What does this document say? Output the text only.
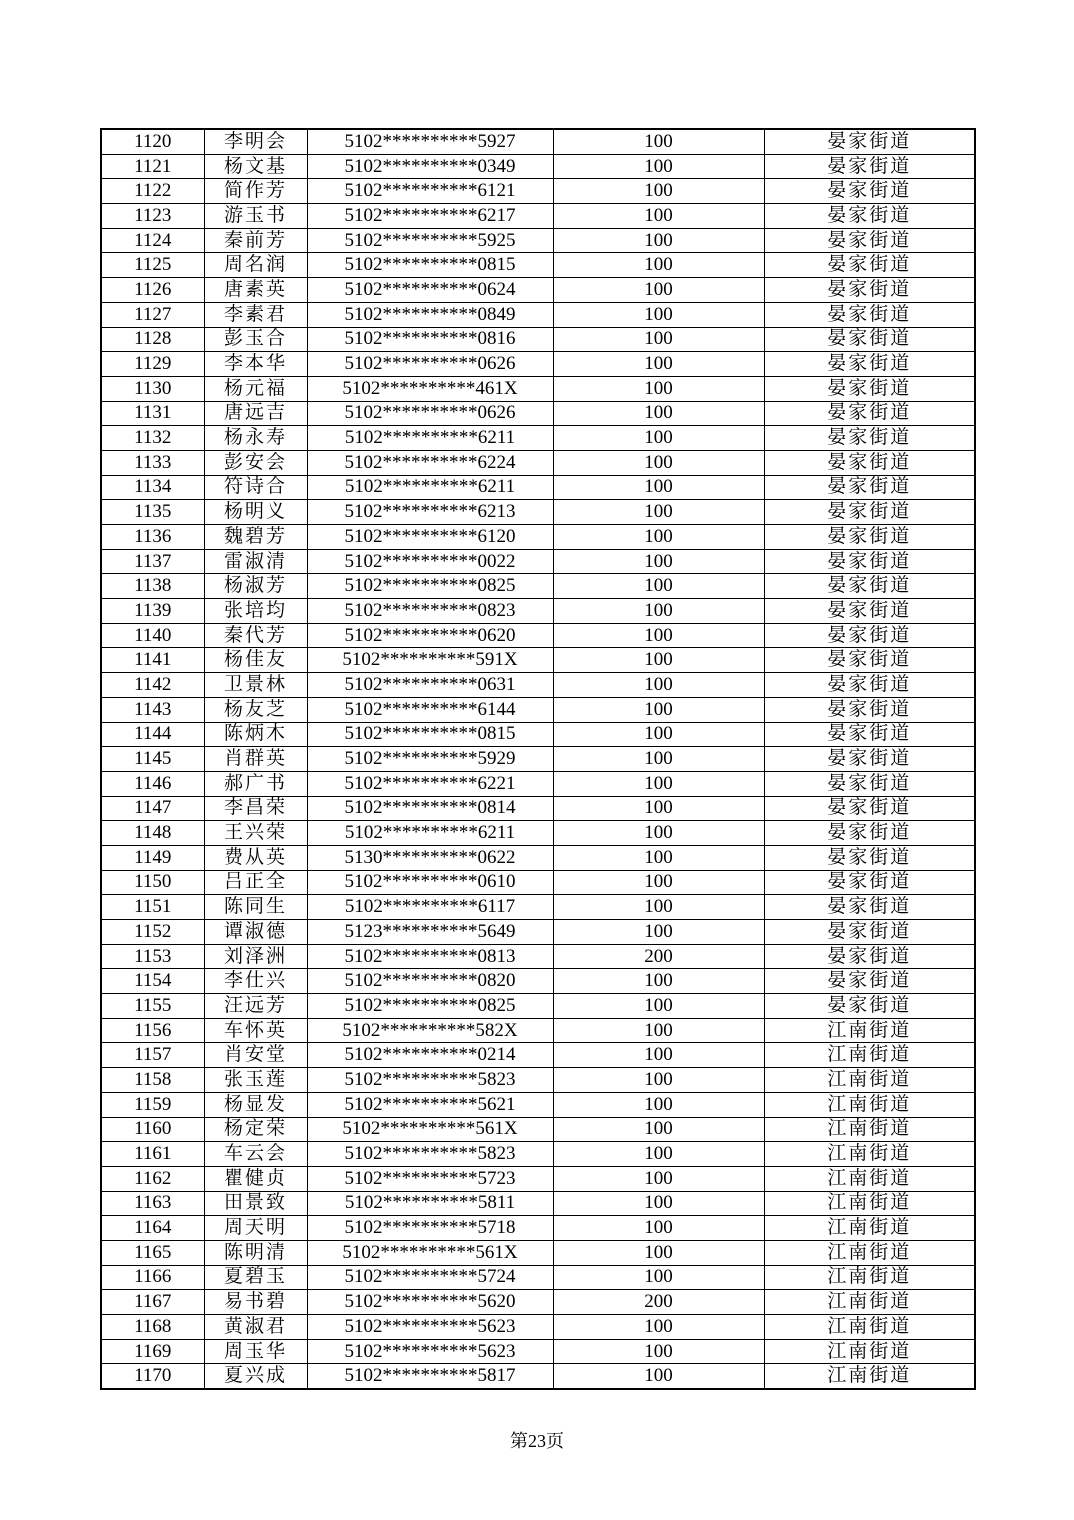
1120	李明会	5102**********5927	100	晏家街道
1121	杨文基	5102**********0349	100	晏家街道
1122	简作芳	5102**********6121	100	晏家街道
1123	游玉书	5102**********6217	100	晏家街道
1124	秦前芳	5102**********5925	100	晏家街道
1125	周名润	5102**********0815	100	晏家街道
1126	唐素英	5102**********0624	100	晏家街道
1127	李素君	5102**********0849	100	晏家街道
1128	彭玉合	5102**********0816	100	晏家街道
1129	李本华	5102**********0626	100	晏家街道
1130	杨元福	5102**********461X	100	晏家街道
1131	唐远吉	5102**********0626	100	晏家街道
1132	杨永寿	5102**********6211	100	晏家街道
1133	彭安会	5102**********6224	100	晏家街道
1134	符诗合	5102**********6211	100	晏家街道
1135	杨明义	5102**********6213	100	晏家街道
1136	魏碧芳	5102**********6120	100	晏家街道
1137	雷淑清	5102**********0022	100	晏家街道
1138	杨淑芳	5102**********0825	100	晏家街道
1139	张培均	5102**********0823	100	晏家街道
1140	秦代芳	5102**********0620	100	晏家街道
1141	杨佳友	5102**********591X	100	晏家街道
1142	卫景林	5102**********0631	100	晏家街道
1143	杨友芝	5102**********6144	100	晏家街道
1144	陈炳木	5102**********0815	100	晏家街道
1145	肖群英	5102**********5929	100	晏家街道
1146	郝广书	5102**********6221	100	晏家街道
1147	李昌荣	5102**********0814	100	晏家街道
1148	王兴荣	5102**********6211	100	晏家街道
1149	费从英	5130**********0622	100	晏家街道
1150	吕正全	5102**********0610	100	晏家街道
1151	陈同生	5102**********6117	100	晏家街道
1152	谭淑德	5123**********5649	100	晏家街道
1153	刘泽洲	5102**********0813	200	晏家街道
1154	李仕兴	5102**********0820	100	晏家街道
1155	汪远芳	5102**********0825	100	晏家街道
1156	车怀英	5102**********582X	100	江南街道
1157	肖安堂	5102**********0214	100	江南街道
1158	张玉莲	5102**********5823	100	江南街道
1159	杨显发	5102**********5621	100	江南街道
1160	杨定荣	5102**********561X	100	江南街道
1161	车云会	5102**********5823	100	江南街道
1162	瞿健贞	5102**********5723	100	江南街道
1163	田景致	5102**********5811	100	江南街道
1164	周天明	5102**********5718	100	江南街道
1165	陈明清	5102**********561X	100	江南街道
1166	夏碧玉	5102**********5724	100	江南街道
1167	易书碧	5102**********5620	200	江南街道
1168	黄淑君	5102**********5623	100	江南街道
1169	周玉华	5102**********5623	100	江南街道
1170	夏兴成	5102**********5817	100	江南街道
第23页
